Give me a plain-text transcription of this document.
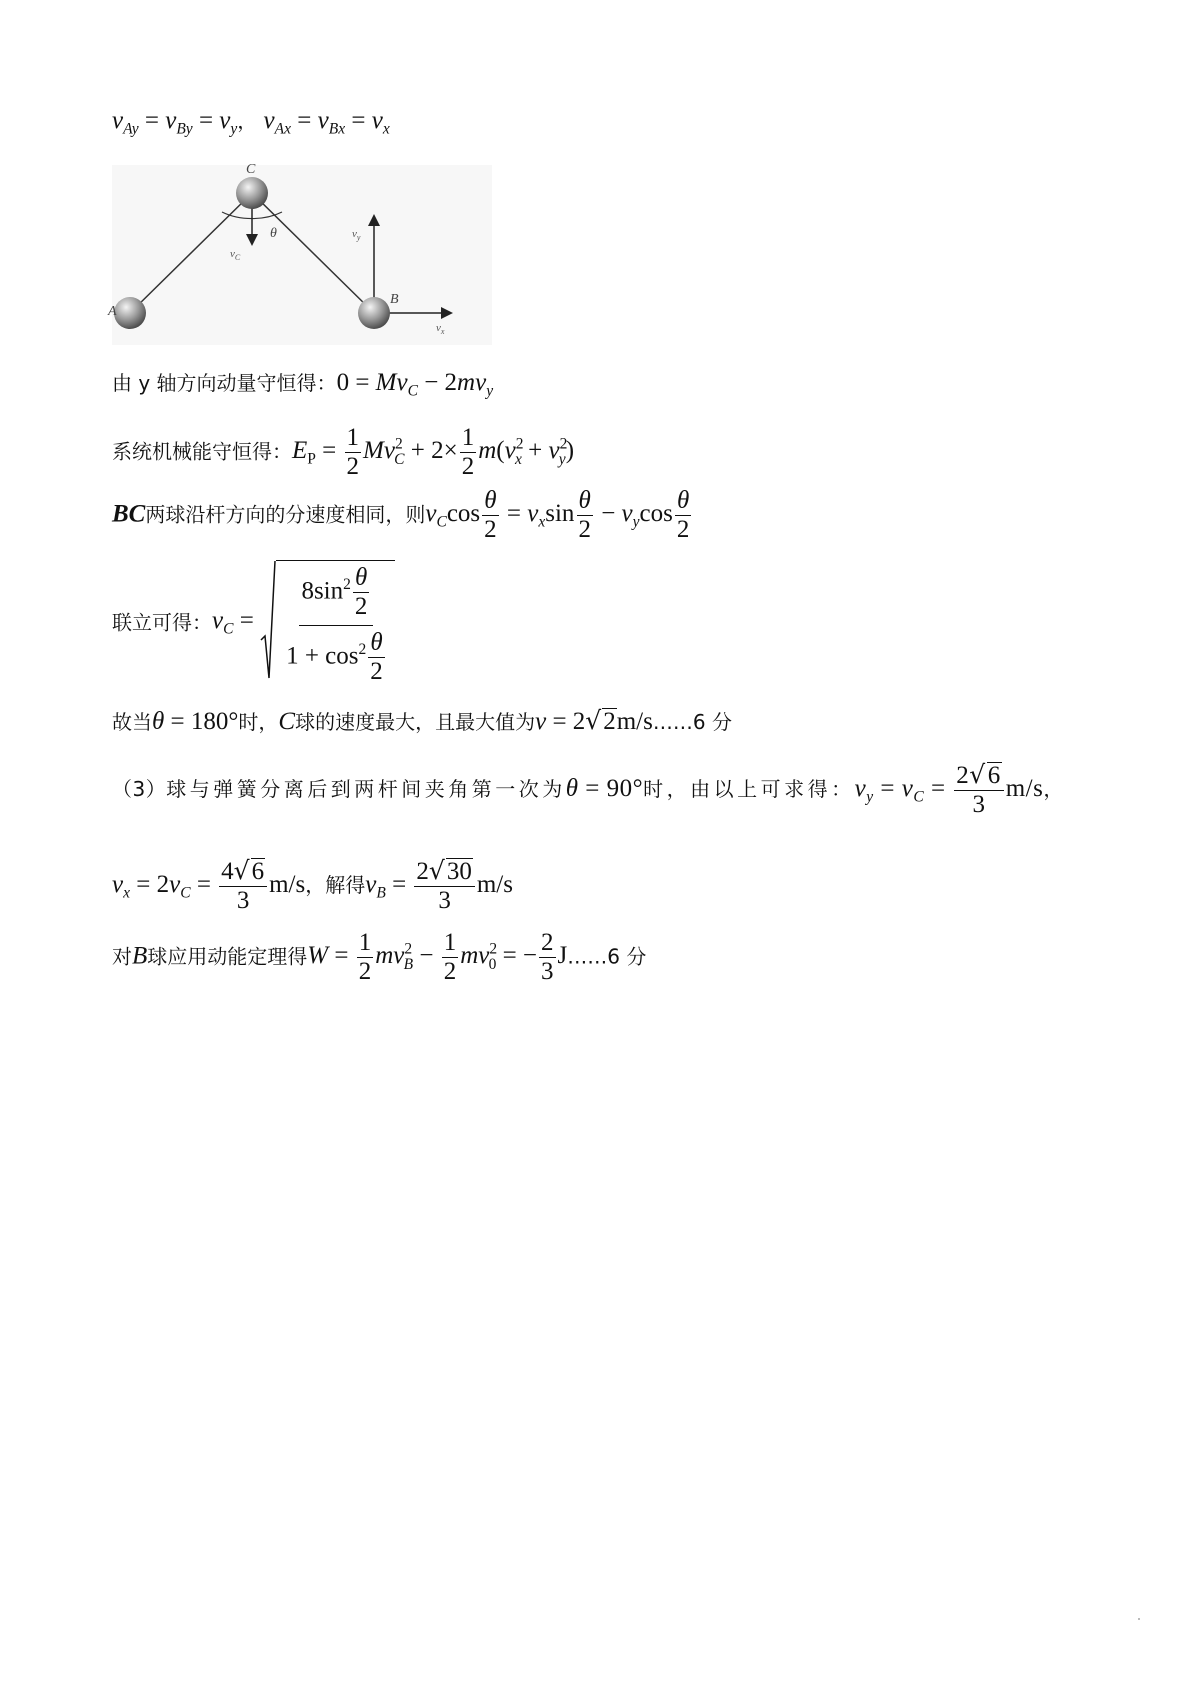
$v_{Ay} = v_{By} = v_y$， $v_{Ax} = v_{Bx} = v_x$
A
C
B
θ
$v_C$
$v_y$
$v_x$
由 y 轴方向动量守恒得：$0 = Mv_C - 2mv_y$
系统机械能守恒得：$E_P = \frac{1}{2} Mv^2_C + 2\times \frac{1}{2} m(v^2_x + v^2_y)$
BC两球沿杆方向的分速度相同，则$v_C\cos \frac{\theta}{2} = v_x\sin \frac{\theta}{2} - v_y\cos \frac{\theta}{2}$
联立可得：$v_C = \frac{8\sin^2 \frac{\theta}{2}}{1 + \cos^2 \frac{\theta}{2}}$
故当θ = 180°时，C球的速度最大，且最大值为v = 2√2m/s……6 分
（3）球与弹簧分离后到两杆间夹角第一次为θ = 90°时，由以上可求得：$v_y = v_C = \frac{2√6}{3} m/s$，
$v_x = 2v_C = \frac{4√6}{3} m/s$，解得$v_B = \frac{2√30}{3} m/s$
对B球应用动能定理得$W = \frac{1}{2} mv^2_B - \frac{1}{2} mv^2_0$ = − $\frac{2}{3}$ J……6 分
